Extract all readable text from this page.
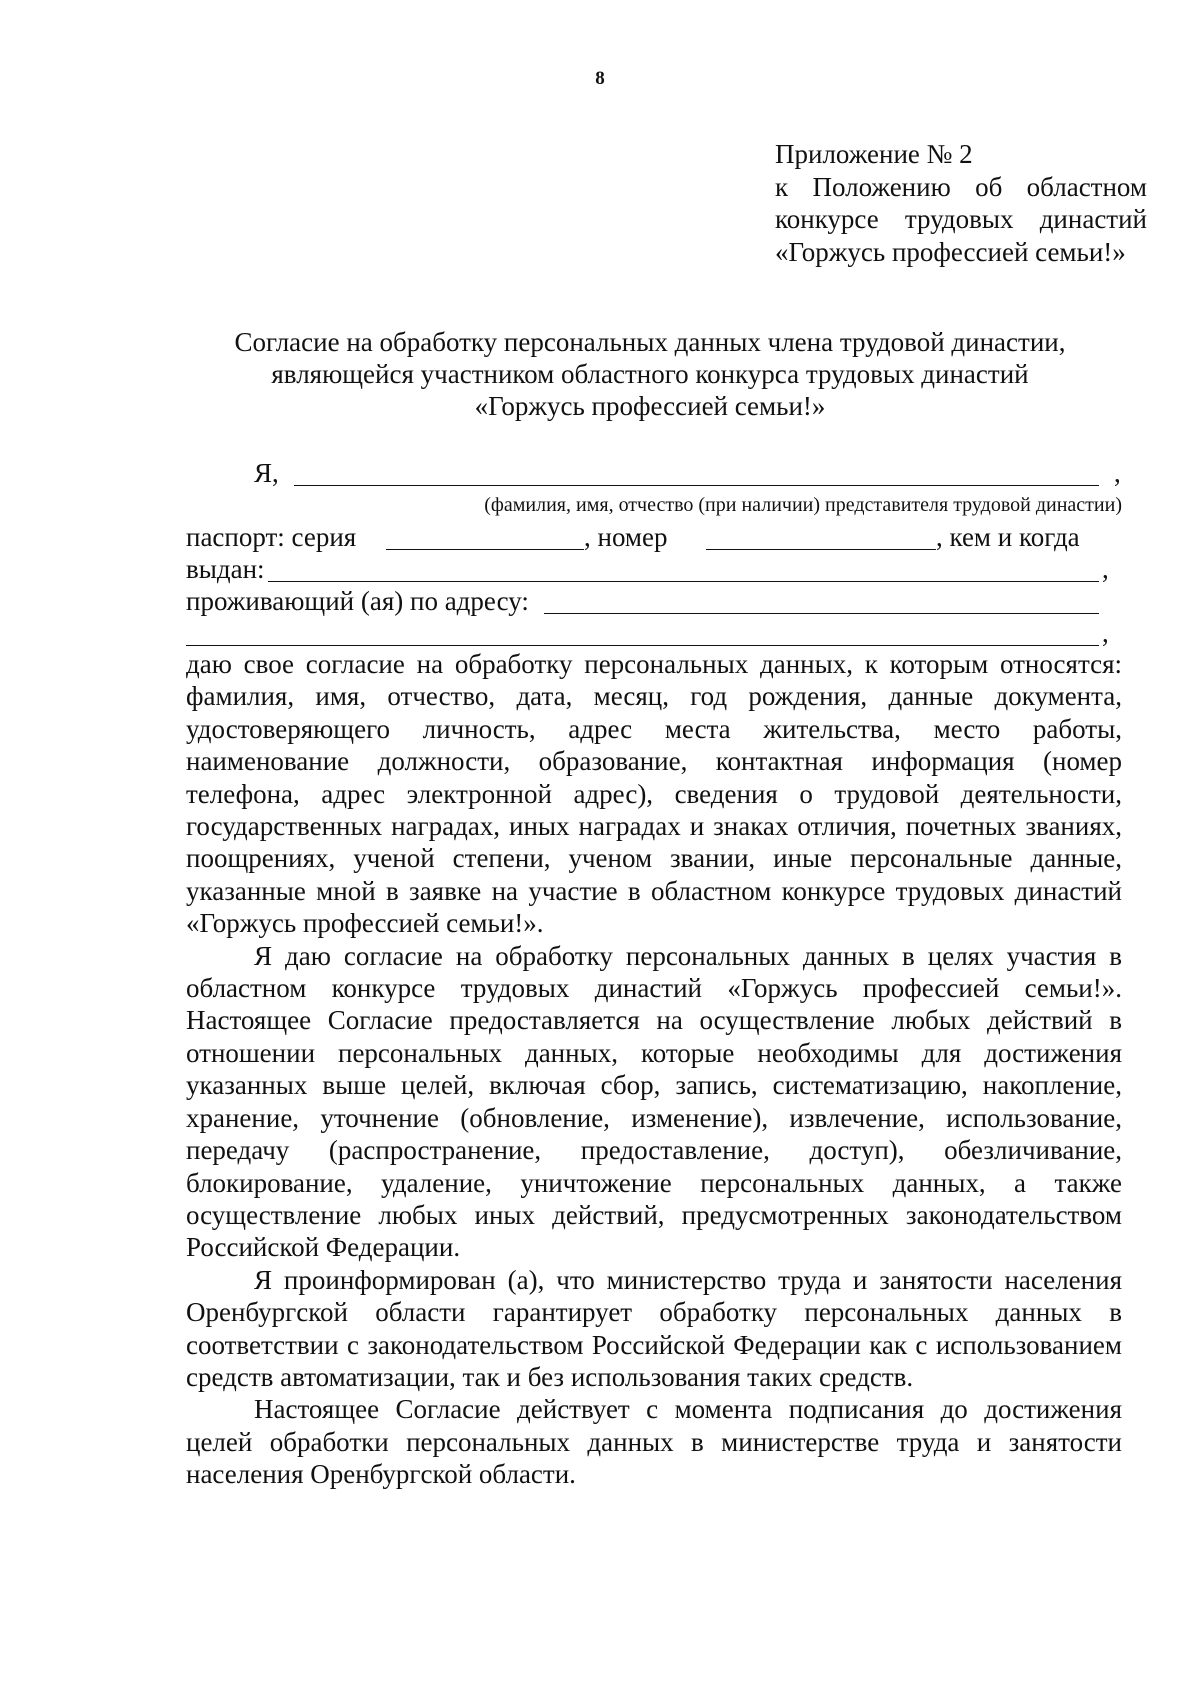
8
Приложение № 2
к Положению об областном
конкурсе трудовых династий
«Горжусь профессией семьи!»
Согласие на обработку персональных данных члена трудовой династии,
являющейся участником областного конкурса трудовых династий
«Горжусь профессией семьи!»
Я,	,
(фамилия, имя, отчество (при наличии) представителя трудовой династии)
паспорт: серия	, номер	, кем и когда
выдан:	,
проживающий (ая) по адресу:
,

даю свое согласие на обработку персональных данных, к которым относятся: фамилия, имя, отчество, дата, месяц, год рождения, данные документа, удостоверяющего личность, адрес места жительства, место работы, наименование должности, образование, контактная информация (номер телефона, адрес электронной адрес), сведения о трудовой деятельности, государственных наградах, иных наградах и знаках отличия, почетных званиях, поощрениях, ученой степени, ученом звании, иные персональные данные, указанные мной в заявке на участие в областном конкурсе трудовых династий «Горжусь профессией семьи!».

Я даю согласие на обработку персональных данных в целях участия в областном конкурсе трудовых династий «Горжусь профессией семьи!». Настоящее Согласие предоставляется на осуществление любых действий в отношении персональных данных, которые необходимы для достижения указанных выше целей, включая сбор, запись, систематизацию, накопление, хранение, уточнение (обновление, изменение), извлечение, использование, передачу (распространение, предоставление, доступ), обезличивание, блокирование, удаление, уничтожение персональных данных, а также осуществление любых иных действий, предусмотренных законодательством Российской Федерации.

Я проинформирован (а), что министерство труда и занятости населения Оренбургской области гарантирует обработку персональных данных в соответствии с законодательством Российской Федерации как с использованием средств автоматизации, так и без использования таких средств.

Настоящее Согласие действует с момента подписания до достижения целей обработки персональных данных в министерстве труда и занятости населения Оренбургской области.
